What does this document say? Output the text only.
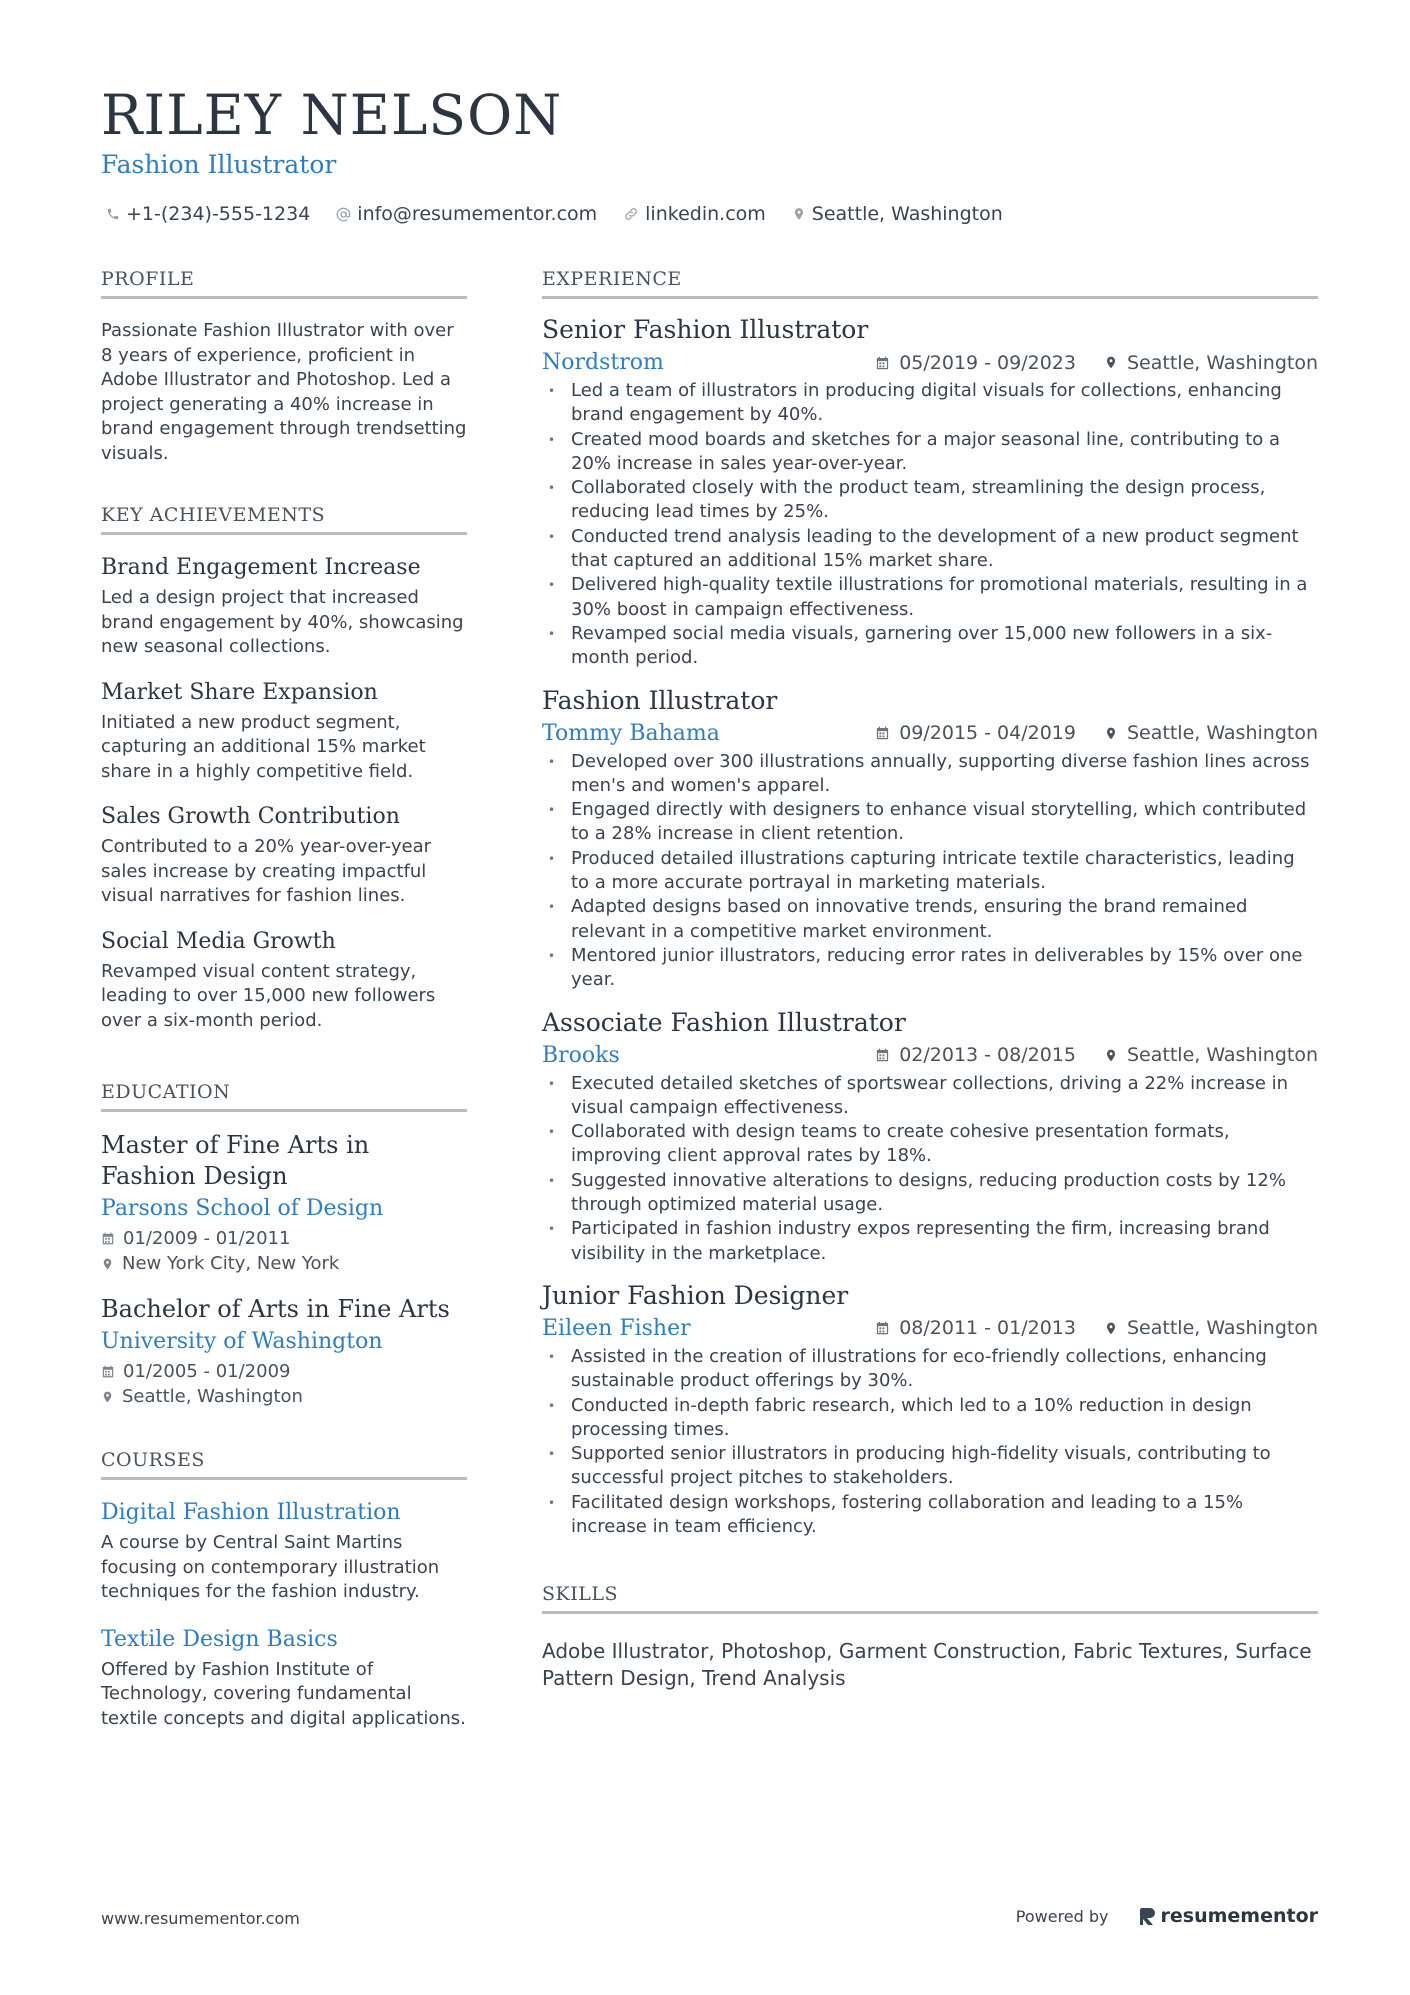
RILEY NELSON
Fashion Illustrator
+1-(234)-555-1234 info@resumementor.com	linkedin.com Seattle, Washington
PROFILE
Passionate Fashion Illustrator with over 8 years of experience, proficient in Adobe Illustrator and Photoshop. Led a project generating a 40% increase in brand engagement through trendsetting visuals.
KEY ACHIEVEMENTS
Brand Engagement Increase
Led a design project that increased brand engagement by 40%, showcasing new seasonal collections.
Market Share Expansion
Initiated a new product segment, capturing an additional 15% market share in a highly competitive field.
Sales Growth Contribution
Contributed to a 20% year-over-year sales increase by creating impactful visual narratives for fashion lines.
Social Media Growth
Revamped visual content strategy, leading to over 15,000 new followers over a six-month period.
EDUCATION
Master of Fine Arts in Fashion Design
Parsons School of Design
01/2009 - 01/2011
New York City, New York
Bachelor of Arts in Fine Arts
University of Washington
01/2005 - 01/2009
Seattle, Washington
COURSES
Digital Fashion Illustration
A course by Central Saint Martins focusing on contemporary illustration techniques for the fashion industry.
Textile Design Basics
Offered by Fashion Institute of Technology, covering fundamental textile concepts and digital applications.
EXPERIENCE
Senior Fashion Illustrator
Nordstrom	05/2019 - 09/2023	Seattle, Washington
• Led a team of illustrators in producing digital visuals for collections, enhancing brand engagement by 40%.
• Created mood boards and sketches for a major seasonal line, contributing to a 20% increase in sales year-over-year.
• Collaborated closely with the product team, streamlining the design process, reducing lead times by 25%.
• Conducted trend analysis leading to the development of a new product segment that captured an additional 15% market share.
• Delivered high-quality textile illustrations for promotional materials, resulting in a 30% boost in campaign effectiveness.
• Revamped social media visuals, garnering over 15,000 new followers in a six-month period.
Fashion Illustrator
Tommy Bahama	09/2015 - 04/2019	Seattle, Washington
• Developed over 300 illustrations annually, supporting diverse fashion lines across men's and women's apparel.
• Engaged directly with designers to enhance visual storytelling, which contributed to a 28% increase in client retention.
• Produced detailed illustrations capturing intricate textile characteristics, leading to a more accurate portrayal in marketing materials.
• Adapted designs based on innovative trends, ensuring the brand remained relevant in a competitive market environment.
• Mentored junior illustrators, reducing error rates in deliverables by 15% over one year.
Associate Fashion Illustrator
Brooks	02/2013 - 08/2015	Seattle, Washington
• Executed detailed sketches of sportswear collections, driving a 22% increase in visual campaign effectiveness.
• Collaborated with design teams to create cohesive presentation formats, improving client approval rates by 18%.
• Suggested innovative alterations to designs, reducing production costs by 12% through optimized material usage.
• Participated in fashion industry expos representing the firm, increasing brand visibility in the marketplace.
Junior Fashion Designer
Eileen Fisher	08/2011 - 01/2013	Seattle, Washington
• Assisted in the creation of illustrations for eco-friendly collections, enhancing sustainable product offerings by 30%.
• Conducted in-depth fabric research, which led to a 10% reduction in design processing times.
• Supported senior illustrators in producing high-fidelity visuals, contributing to successful project pitches to stakeholders.
• Facilitated design workshops, fostering collaboration and leading to a 15% increase in team efficiency.
SKILLS
Adobe Illustrator, Photoshop, Garment Construction, Fabric Textures, Surface Pattern Design, Trend Analysis
www.resumementor.com	Powered by	resumementor
